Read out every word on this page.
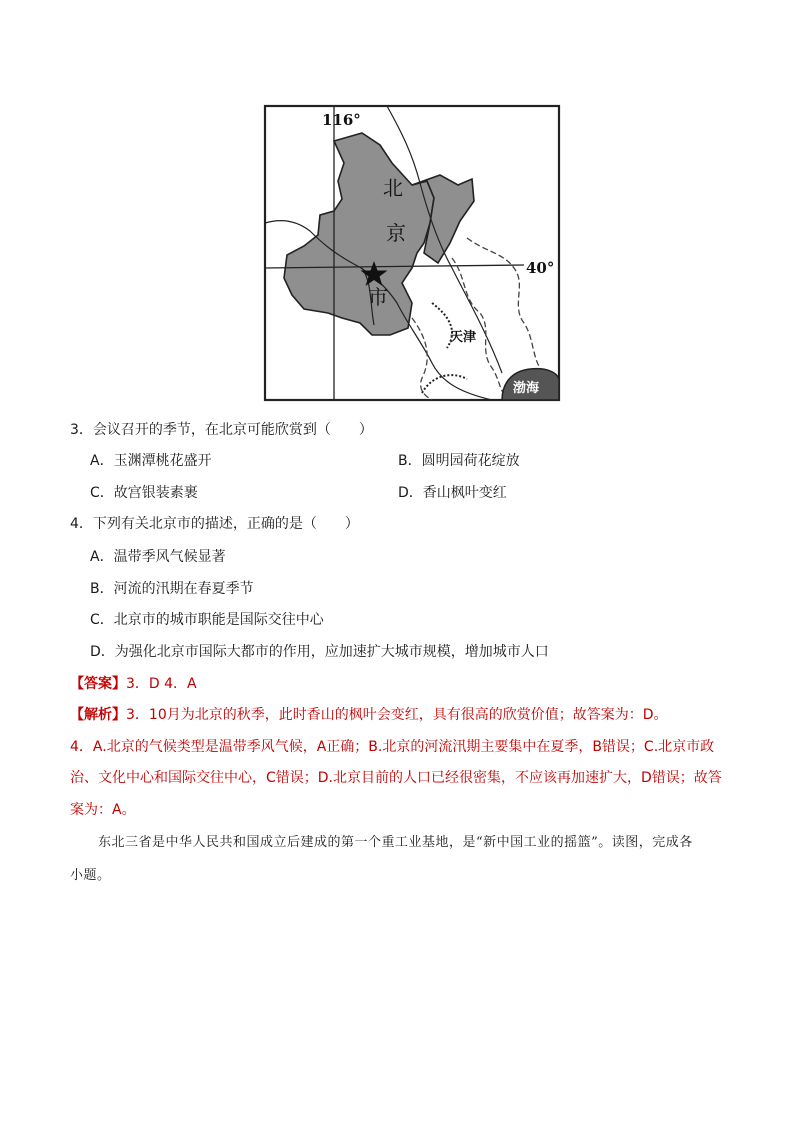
116°
40°
北
京
市
天津
渤海
3．会议召开的季节，在北京可能欣赏到（　　）
A．玉渊潭桃花盛开	B．圆明园荷花绽放
C．故宫银装素裹	D．香山枫叶变红
4．下列有关北京市的描述，正确的是（　　）
A．温带季风气候显著
B．河流的汛期在春夏季节
C．北京市的城市职能是国际交往中心
D．为强化北京市国际大都市的作用，应加速扩大城市规模，增加城市人口
【答案】3．D 4．A
【解析】3．10月为北京的秋季，此时香山的枫叶会变红，具有很高的欣赏价值；故答案为：D。
4．A.北京的气候类型是温带季风气候，A正确；B.北京的河流汛期主要集中在夏季，B错误；C.北京市政
治、文化中心和国际交往中心，C错误；D.北京目前的人口已经很密集，不应该再加速扩大，D错误；故答
案为：A。
东北三省是中华人民共和国成立后建成的第一个重工业基地，是“新中国工业的摇篮”。读图，完成各
小题。
